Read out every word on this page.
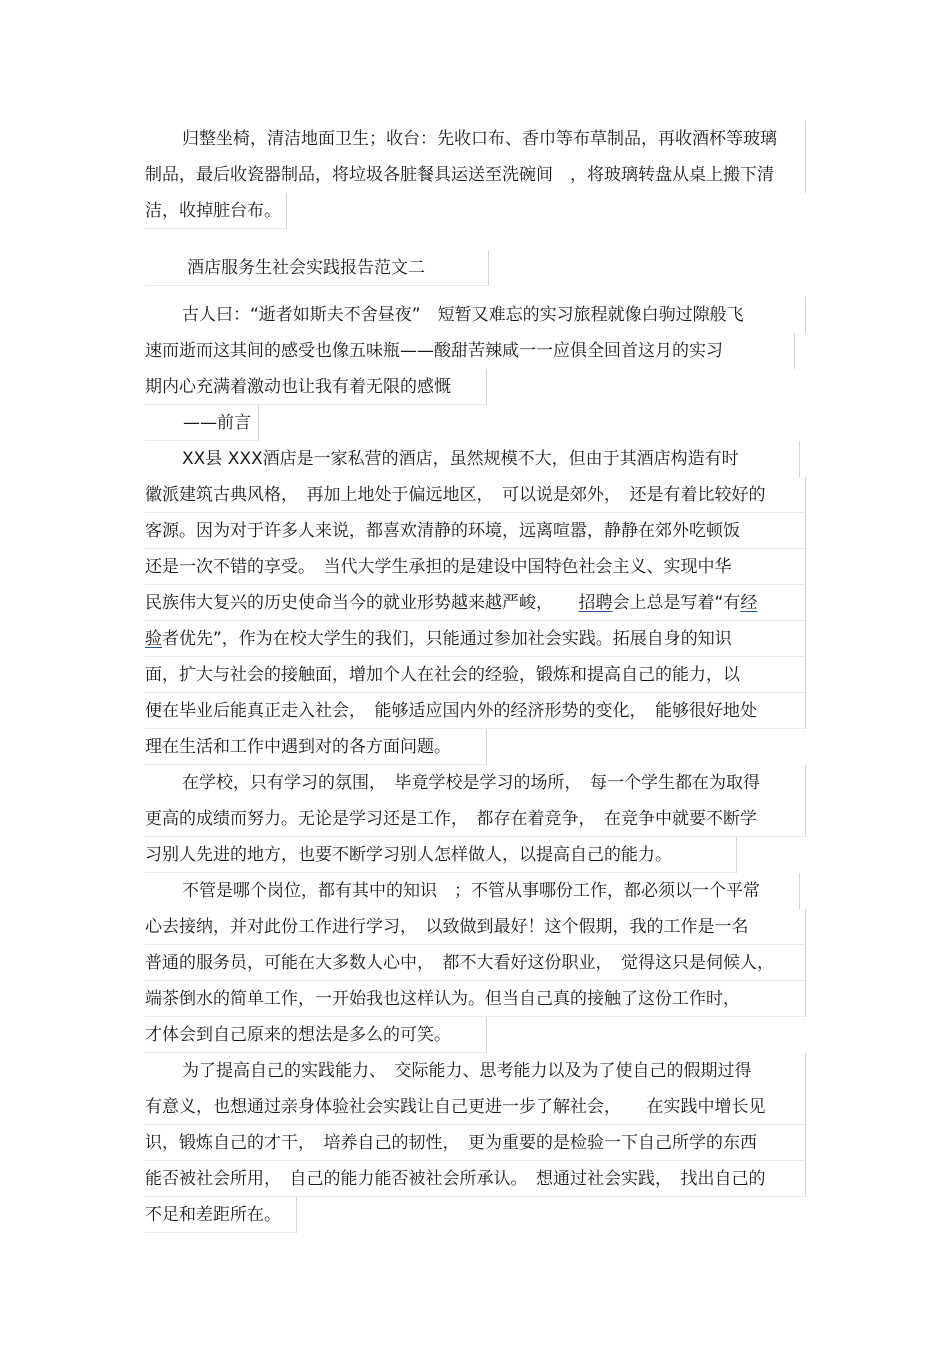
归整坐椅，清洁地面卫生；收台：先收口布、香巾等布草制品，再收酒杯等玻璃
制品，最后收瓷器制品，将垃圾各脏餐具运送至洗碗间　，将玻璃转盘从桌上搬下清
洁，收掉脏台布。
酒店服务生社会实践报告范文二
古人曰：“逝者如斯夫不舍昼夜”　短暂又难忘的实习旅程就像白驹过隙般飞
速而逝而这其间的感受也像五味瓶——酸甜苦辣咸一一应俱全回首这月的实习
期内心充满着激动也让我有着无限的感慨
——前言
XX县 XXX酒店是一家私营的酒店，虽然规模不大，但由于其酒店构造有时
徽派建筑古典风格，　再加上地处于偏远地区，　可以说是郊外，　还是有着比较好的
客源。因为对于许多人来说，都喜欢清静的环境，远离喧嚣，静静在郊外吃顿饭
还是一次不错的享受。　当代大学生承担的是建设中国特色社会主义、实现中华
民族伟大复兴的历史使命当今的就业形势越来越严峻，　　招聘会上总是写着“有经
验者优先”，作为在校大学生的我们，只能通过参加社会实践。拓展自身的知识
面，扩大与社会的接触面，增加个人在社会的经验，锻炼和提高自己的能力，以
便在毕业后能真正走入社会，　能够适应国内外的经济形势的变化，　能够很好地处
理在生活和工作中遇到对的各方面问题。
在学校，只有学习的氛围，　毕竟学校是学习的场所，　每一个学生都在为取得
更高的成绩而努力。无论是学习还是工作，　都存在着竞争，　在竞争中就要不断学
习别人先进的地方，也要不断学习别人怎样做人，以提高自己的能力。
不管是哪个岗位，都有其中的知识　；不管从事哪份工作，都必须以一个平常
心去接纳，并对此份工作进行学习，　以致做到最好！这个假期，我的工作是一名
普通的服务员，可能在大多数人心中，　都不大看好这份职业，　觉得这只是伺候人，
端茶倒水的简单工作，一开始我也这样认为。但当自己真的接触了这份工作时，
才体会到自己原来的想法是多么的可笑。
为了提高自己的实践能力、　交际能力、思考能力以及为了使自己的假期过得
有意义，也想通过亲身体验社会实践让自己更进一步了解社会，　　在实践中增长见
识，锻炼自己的才干，　培养自己的韧性，　更为重要的是检验一下自己所学的东西
能否被社会所用，　自己的能力能否被社会所承认。　想通过社会实践，　找出自己的
不足和差距所在。
